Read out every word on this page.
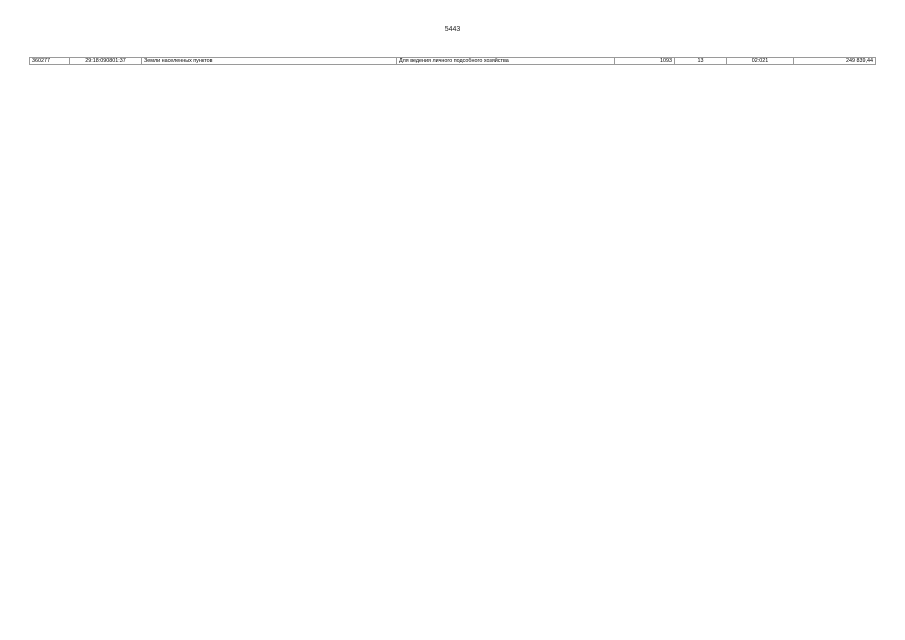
5443
360277	29:18:090801:37	Земли населенных пунктов	Для ведения личного подсобного хозяйства	1093	13	02:021	249 839,44
